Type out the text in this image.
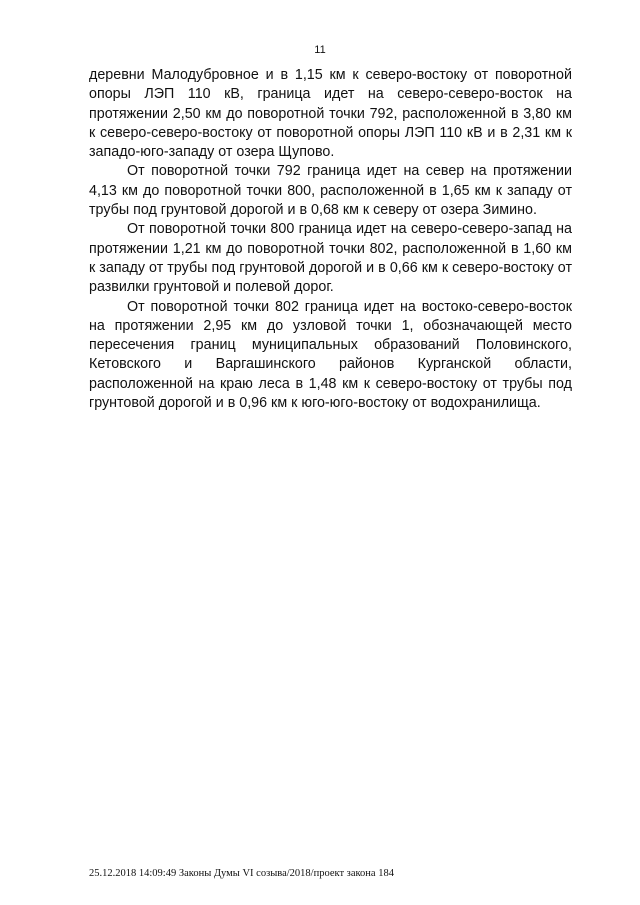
11

деревни Малодубровное и в 1,15 км к северо-востоку от поворотной опоры ЛЭП 110 кВ, граница идет на северо-северо-восток на протяжении 2,50 км до поворотной точки 792, расположенной в 3,80 км к северо-северо-востоку от поворотной опоры ЛЭП 110 кВ и в 2,31 км к западо-юго-западу от озера Щупово.

От поворотной точки 792 граница идет на север на протяжении 4,13 км до поворотной точки 800, расположенной в 1,65 км к западу от трубы под грунтовой дорогой и в 0,68 км к северу от озера Зимино.

От поворотной точки 800 граница идет на северо-северо-запад на протяжении 1,21 км до поворотной точки 802, расположенной в 1,60 км к западу от трубы под грунтовой дорогой и в 0,66 км к северо-востоку от развилки грунтовой и полевой дорог.

От поворотной точки 802 граница идет на востоко-северо-восток на протяжении 2,95 км до узловой точки 1, обозначающей место пересечения границ муниципальных образований Половинского, Кетовского и Варгашинского районов Курганской области, расположенной на краю леса в 1,48 км к северо-востоку от трубы под грунтовой дорогой и в 0,96 км к юго-юго-востоку от водохранилища.

25.12.2018 14:09:49 Законы Думы VI созыва/2018/проект закона 184
